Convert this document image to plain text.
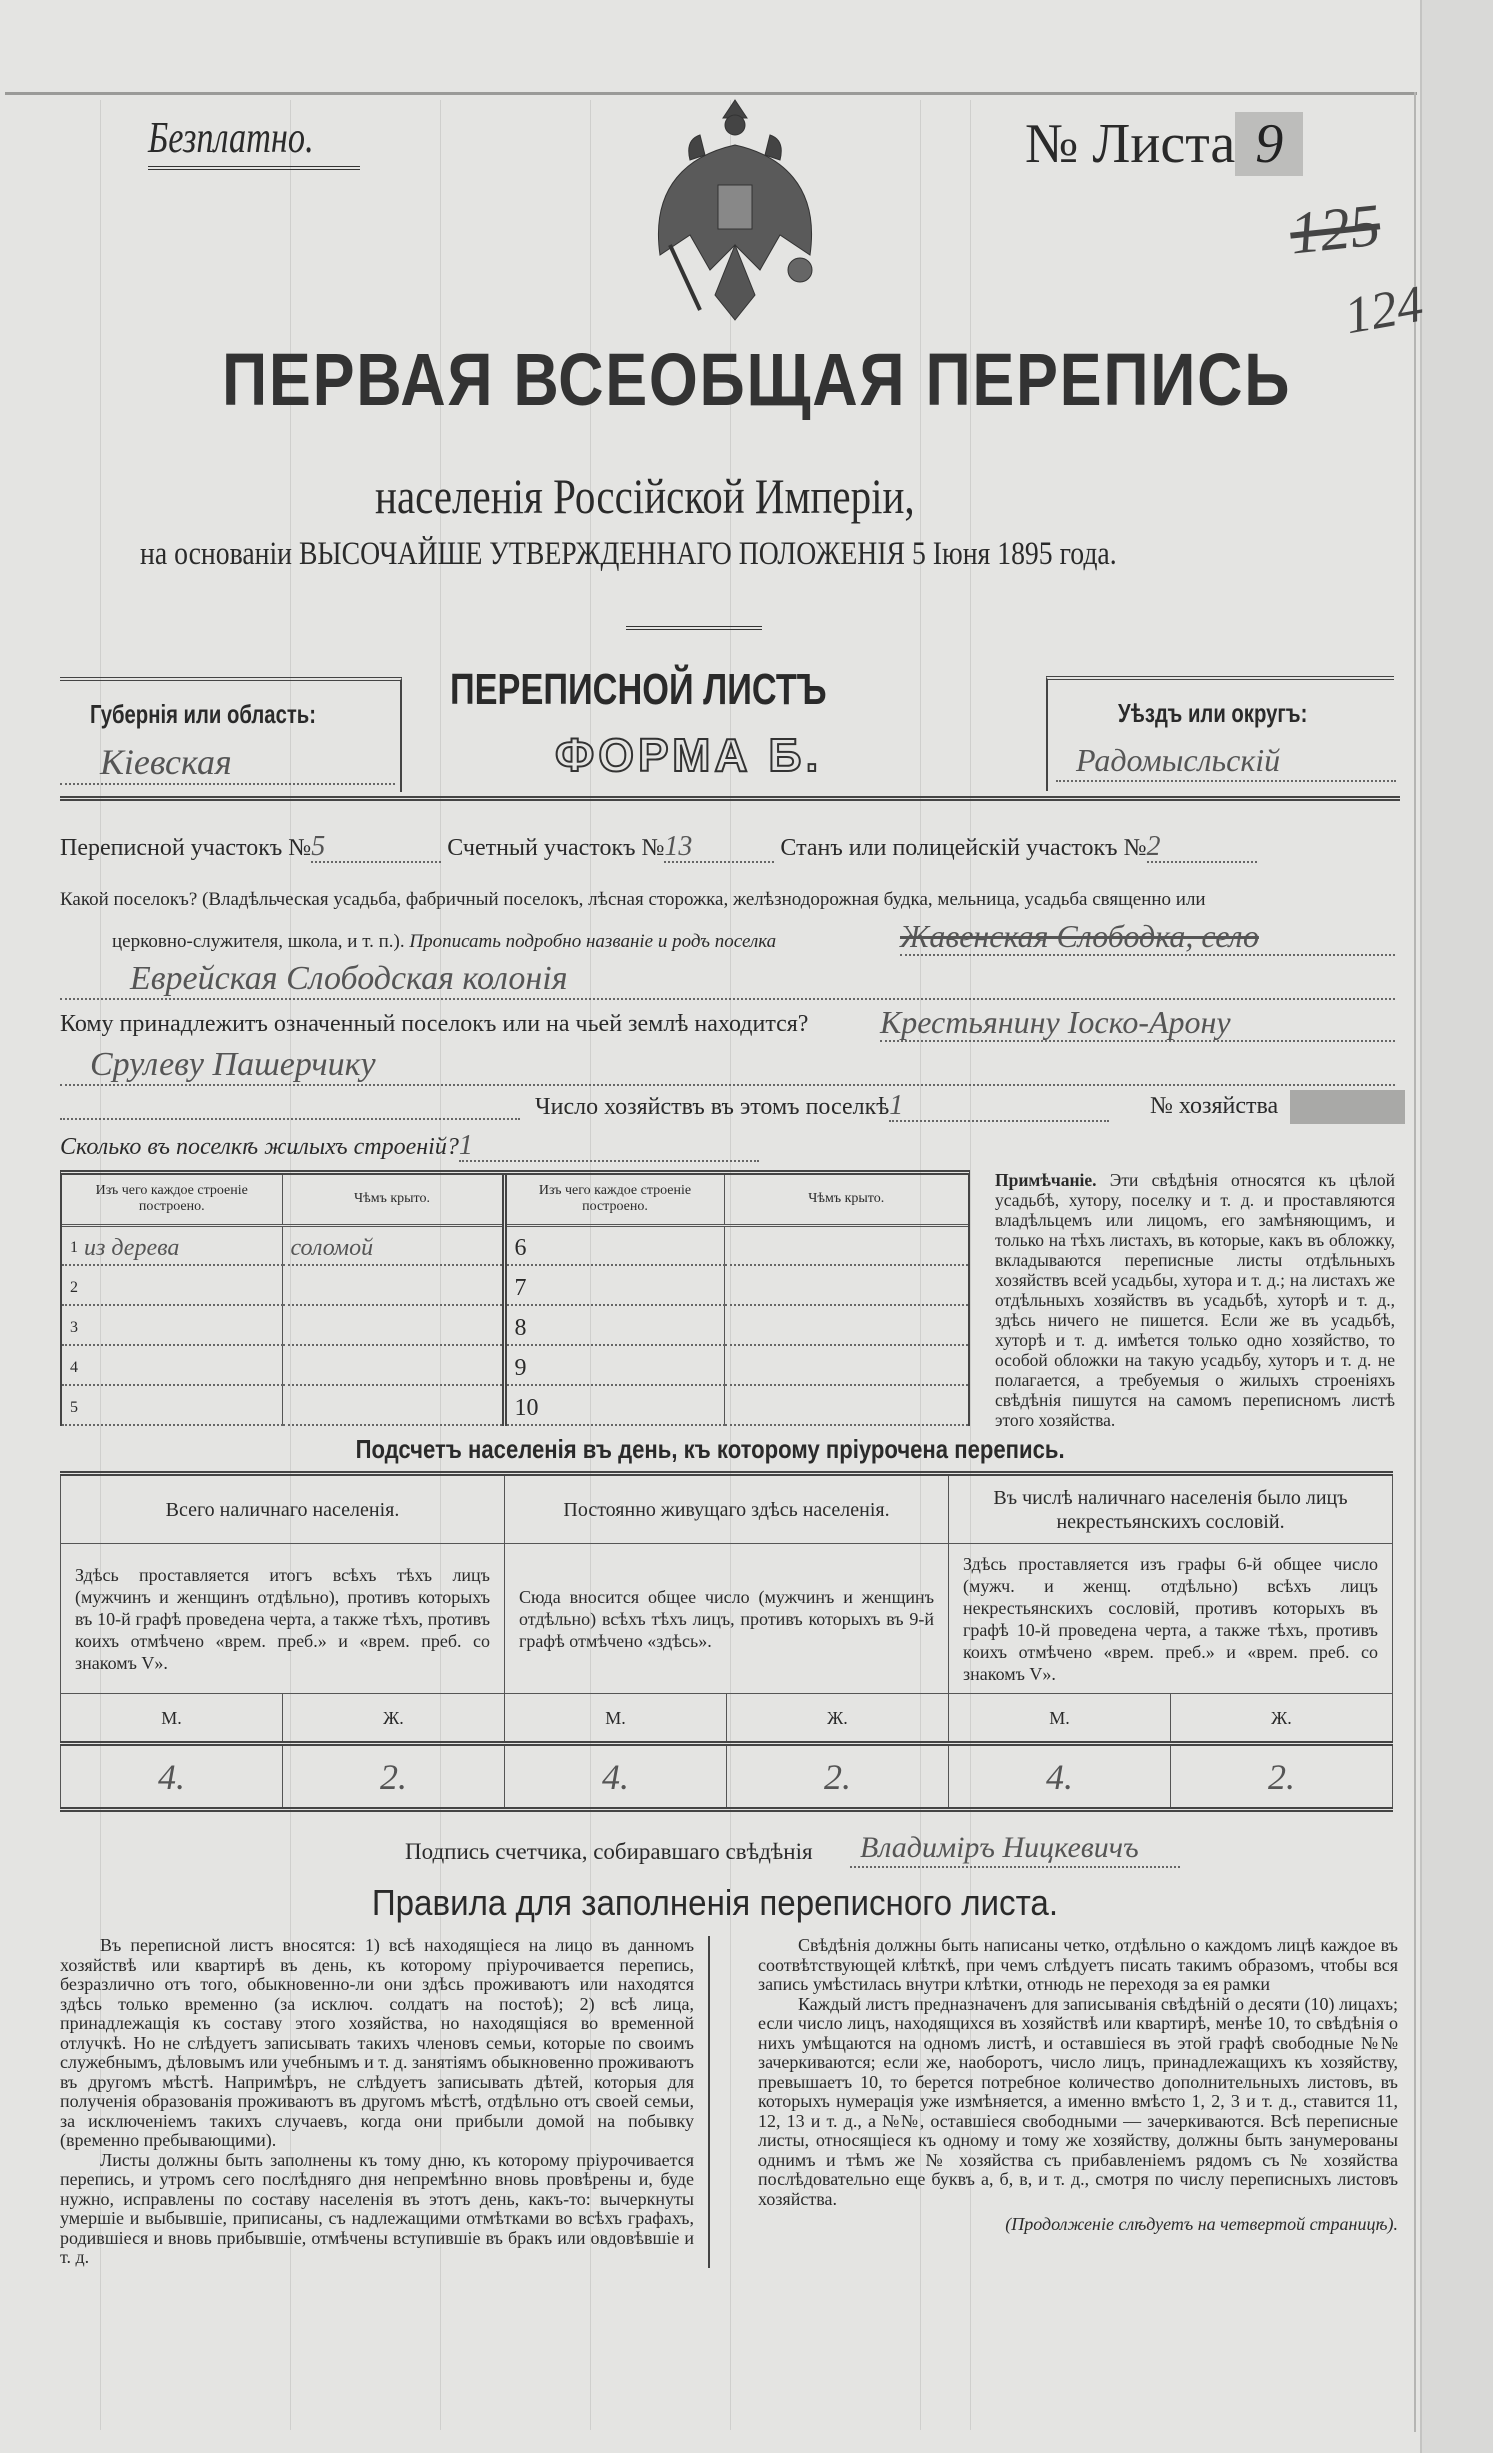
Безплатно.	№ Листа 9
125
124
ПЕРВАЯ ВСЕОБЩАЯ ПЕРЕПИСЬ
населенія Россійской Имперіи,
на основаніи ВЫСОЧАЙШЕ УТВЕРЖДЕННАГО ПОЛОЖЕНІЯ 5 Іюня 1895 года.
Губернія или область:
Кіевская
ПЕРЕПИСНОЙ ЛИСТЪ
ФОРМА Б.
Уѣздъ или округъ:
Радомысльскій
Переписной участокъ №5	Счетный участокъ №13	Станъ или полицейскій участокъ №2
Какой поселокъ? (Владѣльческая усадьба, фабричный поселокъ, лѣсная сторожка, желѣзнодорожная будка, мельница, усадьба священно или
церковно-служителя, школа, и т. п.). Прописать подробно названіе и родъ поселка	Жавенская Слободка, село
Еврейская Слободская колонія
Кому принадлежитъ означенный поселокъ или на чьей землѣ находится? Крестьянину Іоско-Арону
Срулеву Пашерчику
Число хозяйствъ въ этомъ поселкѣ1	№ хозяйства
Сколько въ поселкѣ жилыхъ строеній?1
Изъ чего каждое строеніе построено.	Чѣмъ крыто.	Изъ чего каждое строеніе построено.	Чѣмъ крыто.
$^1$ из дерева	соломой	6	
$^2$		7	
$^3$		8	
$^4$		9	
$^5$		10	
Примѣчаніе. Эти свѣдѣнія относятся къ цѣлой усадьбѣ, хутору, поселку и т. д. и проставляются владѣльцемъ или лицомъ, его замѣняющимъ, и только на тѣхъ листахъ, въ которые, какъ въ обложку, вкладываются переписные листы отдѣльныхъ хозяйствъ всей усадьбы, хутора и т. д.; на листахъ же отдѣльныхъ хозяйствъ въ усадьбѣ, хуторѣ и т. д., здѣсь ничего не пишется. Если же въ усадьбѣ, хуторѣ и т. д. имѣется только одно хозяйство, то особой обложки на такую усадьбу, хуторъ и т. д. не полагается, а требуемыя о жилыхъ строеніяхъ свѣдѣнія пишутся на самомъ переписномъ листѣ этого хозяйства.
Подсчетъ населенія въ день, къ которому пріурочена перепись.
Всего наличнаго населенія.		Постоянно живущаго здѣсь населенія.		Въ числѣ наличнаго населенія было лицъ некрестьянскихъ сословій.	
Здѣсь проставляется итогъ всѣхъ тѣхъ лицъ (мужчинъ и женщинъ отдѣльно), противъ которыхъ въ 10-й графѣ проведена черта, а также тѣхъ, противъ коихъ отмѣчено «врем. преб.» и «врем. преб. со знакомъ V».		Сюда вносится общее число (мужчинъ и женщинъ отдѣльно) всѣхъ тѣхъ лицъ, противъ которыхъ въ 9-й графѣ отмѣчено «здѣсь».		Здѣсь проставляется изъ графы 6-й общее число (мужч. и женщ. отдѣльно) всѣхъ лицъ некрестьянскихъ сословій, противъ которыхъ въ графѣ 10-й проведена черта, а также тѣхъ, противъ коихъ отмѣчено «врем. преб.» и «врем. преб. со знакомъ V».	
М.	Ж.	М.	Ж.	М.	Ж.
4.	2.	4.	2.	4.	2.
Подпись счетчика, собиравшаго свѣдѣнія	Владиміръ Ницкевичъ
Правила для заполненія переписного листа.

Въ переписной листъ вносятся: 1) всѣ находящіеся на лицо въ данномъ хозяйствѣ или квартирѣ въ день, къ которому пріурочивается перепись, безразлично отъ того, обыкновенно-ли они здѣсь проживаютъ или находятся здѣсь только временно (за исключ. солдатъ на постоѣ); 2) всѣ лица, принадлежащія къ составу этого хозяйства, но находящіяся во временной отлучкѣ. Но не слѣдуетъ записывать такихъ членовъ семьи, которые по своимъ служебнымъ, дѣловымъ или учебнымъ и т. д. занятіямъ обыкновенно проживаютъ въ другомъ мѣстѣ. Напримѣръ, не слѣдуетъ записывать дѣтей, которыя для полученія образованія проживаютъ въ другомъ мѣстѣ, отдѣльно отъ своей семьи, за исключеніемъ такихъ случаевъ, когда они прибыли домой на побывку (временно пребывающими).

Листы должны быть заполнены къ тому дню, къ которому пріурочивается перепись, и утромъ сего послѣдняго дня непремѣнно вновь провѣрены и, буде нужно, исправлены по составу населенія въ этотъ день, какъ-то: вычеркнуты умершіе и выбывшіе, приписаны, съ надлежащими отмѣтками во всѣхъ графахъ, родившіеся и вновь прибывшіе, отмѣчены вступившіе въ бракъ или овдовѣвшіе и т. д.

Свѣдѣнія должны быть написаны четко, отдѣльно о каждомъ лицѣ каждое въ соотвѣтствующей клѣткѣ, при чемъ слѣдуетъ писать такимъ образомъ, чтобы вся запись умѣстилась внутри клѣтки, отнюдь не переходя за ея рамки

Каждый листъ предназначенъ для записыванія свѣдѣній о десяти (10) лицахъ; если число лицъ, находящихся въ хозяйствѣ или квартирѣ, менѣе 10, то свѣдѣнія о нихъ умѣщаются на одномъ листѣ, и оставшіеся въ этой графѣ свободные №№ зачеркиваются; если же, наоборотъ, число лицъ, принадлежащихъ къ хозяйству, превышаетъ 10, то берется потребное количество дополнительныхъ листовъ, въ которыхъ нумерація уже измѣняется, а именно вмѣсто 1, 2, 3 и т. д., ставится 11, 12, 13 и т. д., а №№, оставшіеся свободными — зачеркиваются. Всѣ переписные листы, относящіеся къ одному и тому же хозяйству, должны быть занумерованы однимъ и тѣмъ же № хозяйства съ прибавленіемъ рядомъ съ № хозяйства послѣдовательно еще буквъ а, б, в, и т. д., смотря по числу переписныхъ листовъ хозяйства.

(Продолженіе слѣдуетъ на четвертой страницѣ).
